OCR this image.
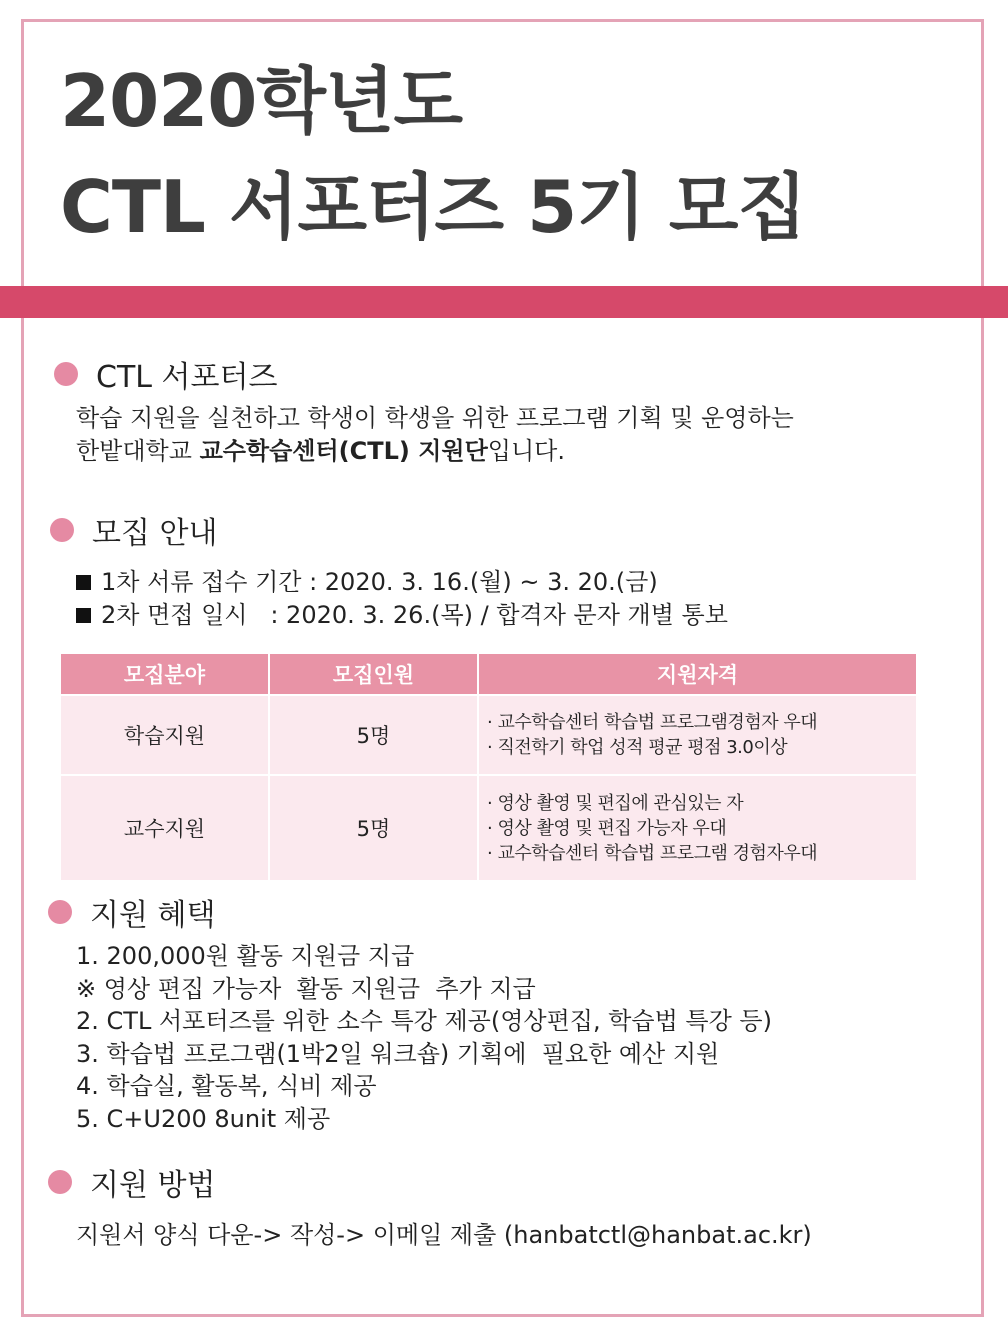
2020학년도
CTL 서포터즈 5기 모집
CTL 서포터즈
학습 지원을 실천하고 학생이 학생을 위한 프로그램 기획 및 운영하는
한밭대학교 교수학습센터(CTL) 지원단입니다.
모집 안내
1차 서류 접수 기간 : 2020. 3. 16.(월) ~ 3. 20.(금)
2차 면접 일시   : 2020. 3. 26.(목) / 합격자 문자 개별 통보
모집분야	모집인원	지원자격
학습지원	5명	· 교수학습센터 학습법 프로그램경험자 우대
· 직전학기 학업 성적 평균 평점 3.0이상

교수지원	5명	· 영상 촬영 및 편집에 관심있는 자
· 영상 촬영 및 편집 가능자 우대
· 교수학습센터 학습법 프로그램 경험자우대
지원 혜택
1. 200,000원 활동 지원금 지급
※ 영상 편집 가능자  활동 지원금  추가 지급
2. CTL 서포터즈를 위한 소수 특강 제공(영상편집, 학습법 특강 등)
3. 학습법 프로그램(1박2일 워크숍) 기획에  필요한 예산 지원
4. 학습실, 활동복, 식비 제공
5. C+U200 8unit 제공
지원 방법
지원서 양식 다운-> 작성-> 이메일 제출 (hanbatctl@hanbat.ac.kr)
